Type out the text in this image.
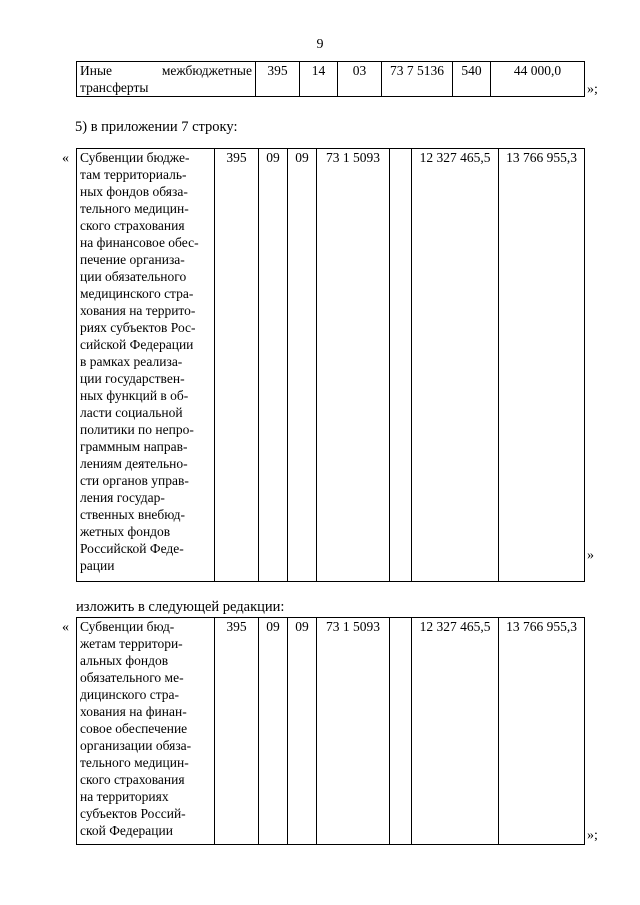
9
Иные межбюджетные трансферты	395	14	03	73 7 5136	540	44 000,0
»;
5) в приложении 7 строку:
« Субвенции бюдже-
там территориаль-
ных фондов обяза-
тельного медицин-
ского страхования
на финансовое обес-
печение организа-
ции обязательного
медицинского стра-
хования на террито-
риях субъектов Рос-
сийской Федерации
в рамках реализа-
ции государствен-
ных функций в об-
ласти социальной
политики по непро-
граммным направ-
лениям деятельно-
сти органов управ-
ления государ-
ственных внебюд-
жетных фондов
Российской Феде-
рации
	395	09	09	73 1 5093		12 327 465,5	13 766 955,3
»
изложить в следующей редакции:
« Субвенции бюд-
жетам территори-
альных фондов
обязательного ме-
дицинского стра-
хования на финан-
совое обеспечение
организации обяза-
тельного медицин-
ского страхования
на территориях
субъектов Россий-
ской Федерации
	395	09	09	73 1 5093		12 327 465,5	13 766 955,3
»;
